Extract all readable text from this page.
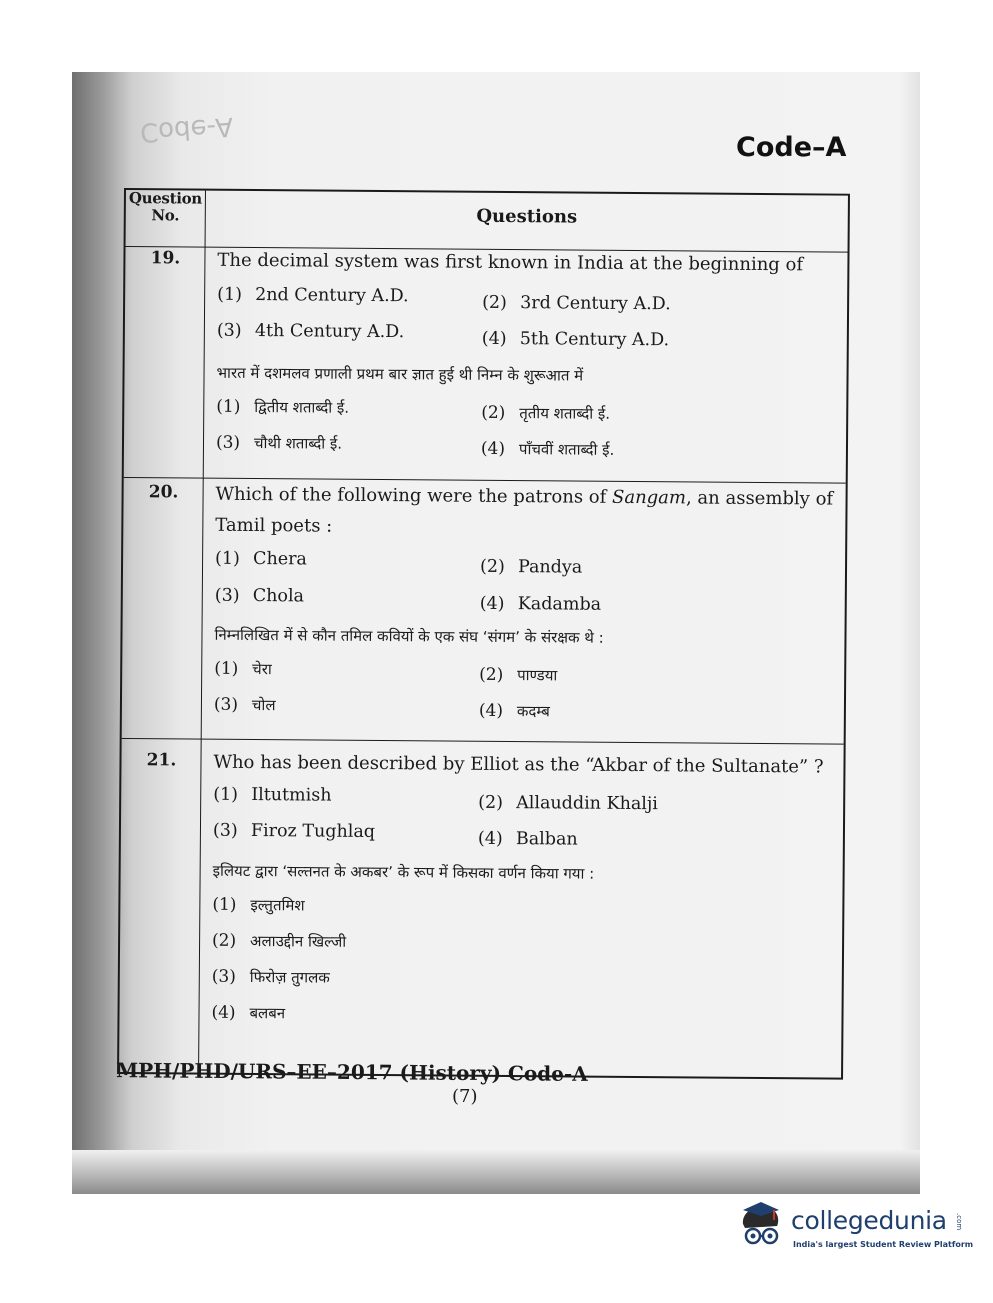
Code-A
Code–A
Question No.	Questions
19.	The decimal system was first known in India at the beginning of
(1) 2nd Century A.D.	(2) 3rd Century A.D.
(3) 4th Century A.D.	(4) 5th Century A.D.
भारत में दशमलव प्रणाली प्रथम बार ज्ञात हुई थी निम्न के शुरूआत में
(1) द्वितीय शताब्दी ई.	(2) तृतीय शताब्दी ई.
(3) चौथी शताब्दी ई.	(4) पाँचवीं शताब्दी ई.
20.	Which of the following were the patrons of Sangam, an assembly of Tamil poets :
(1) Chera	(2) Pandya
(3) Chola	(4) Kadamba
निम्नलिखित में से कौन तमिल कवियों के एक संघ ‘संगम’ के संरक्षक थे :
(1) चेरा	(2) पाण्डया
(3) चोल	(4) कदम्ब
21.	Who has been described by Elliot as the “Akbar of the Sultanate” ?
(1) Iltutmish	(2) Allauddin Khalji
(3) Firoz Tughlaq	(4) Balban
इलियट द्वारा ‘सल्तनत के अकबर’ के रूप में किसका वर्णन किया गया :
(1) इल्तुतमिश
(2) अलाउद्दीन खिल्जी
(3) फिरोज़ तुगलक
(4) बलबन
MPH/PHD/URS–EE–2017 (History) Code-A
(7)
collegedunia .com
India's largest Student Review Platform
